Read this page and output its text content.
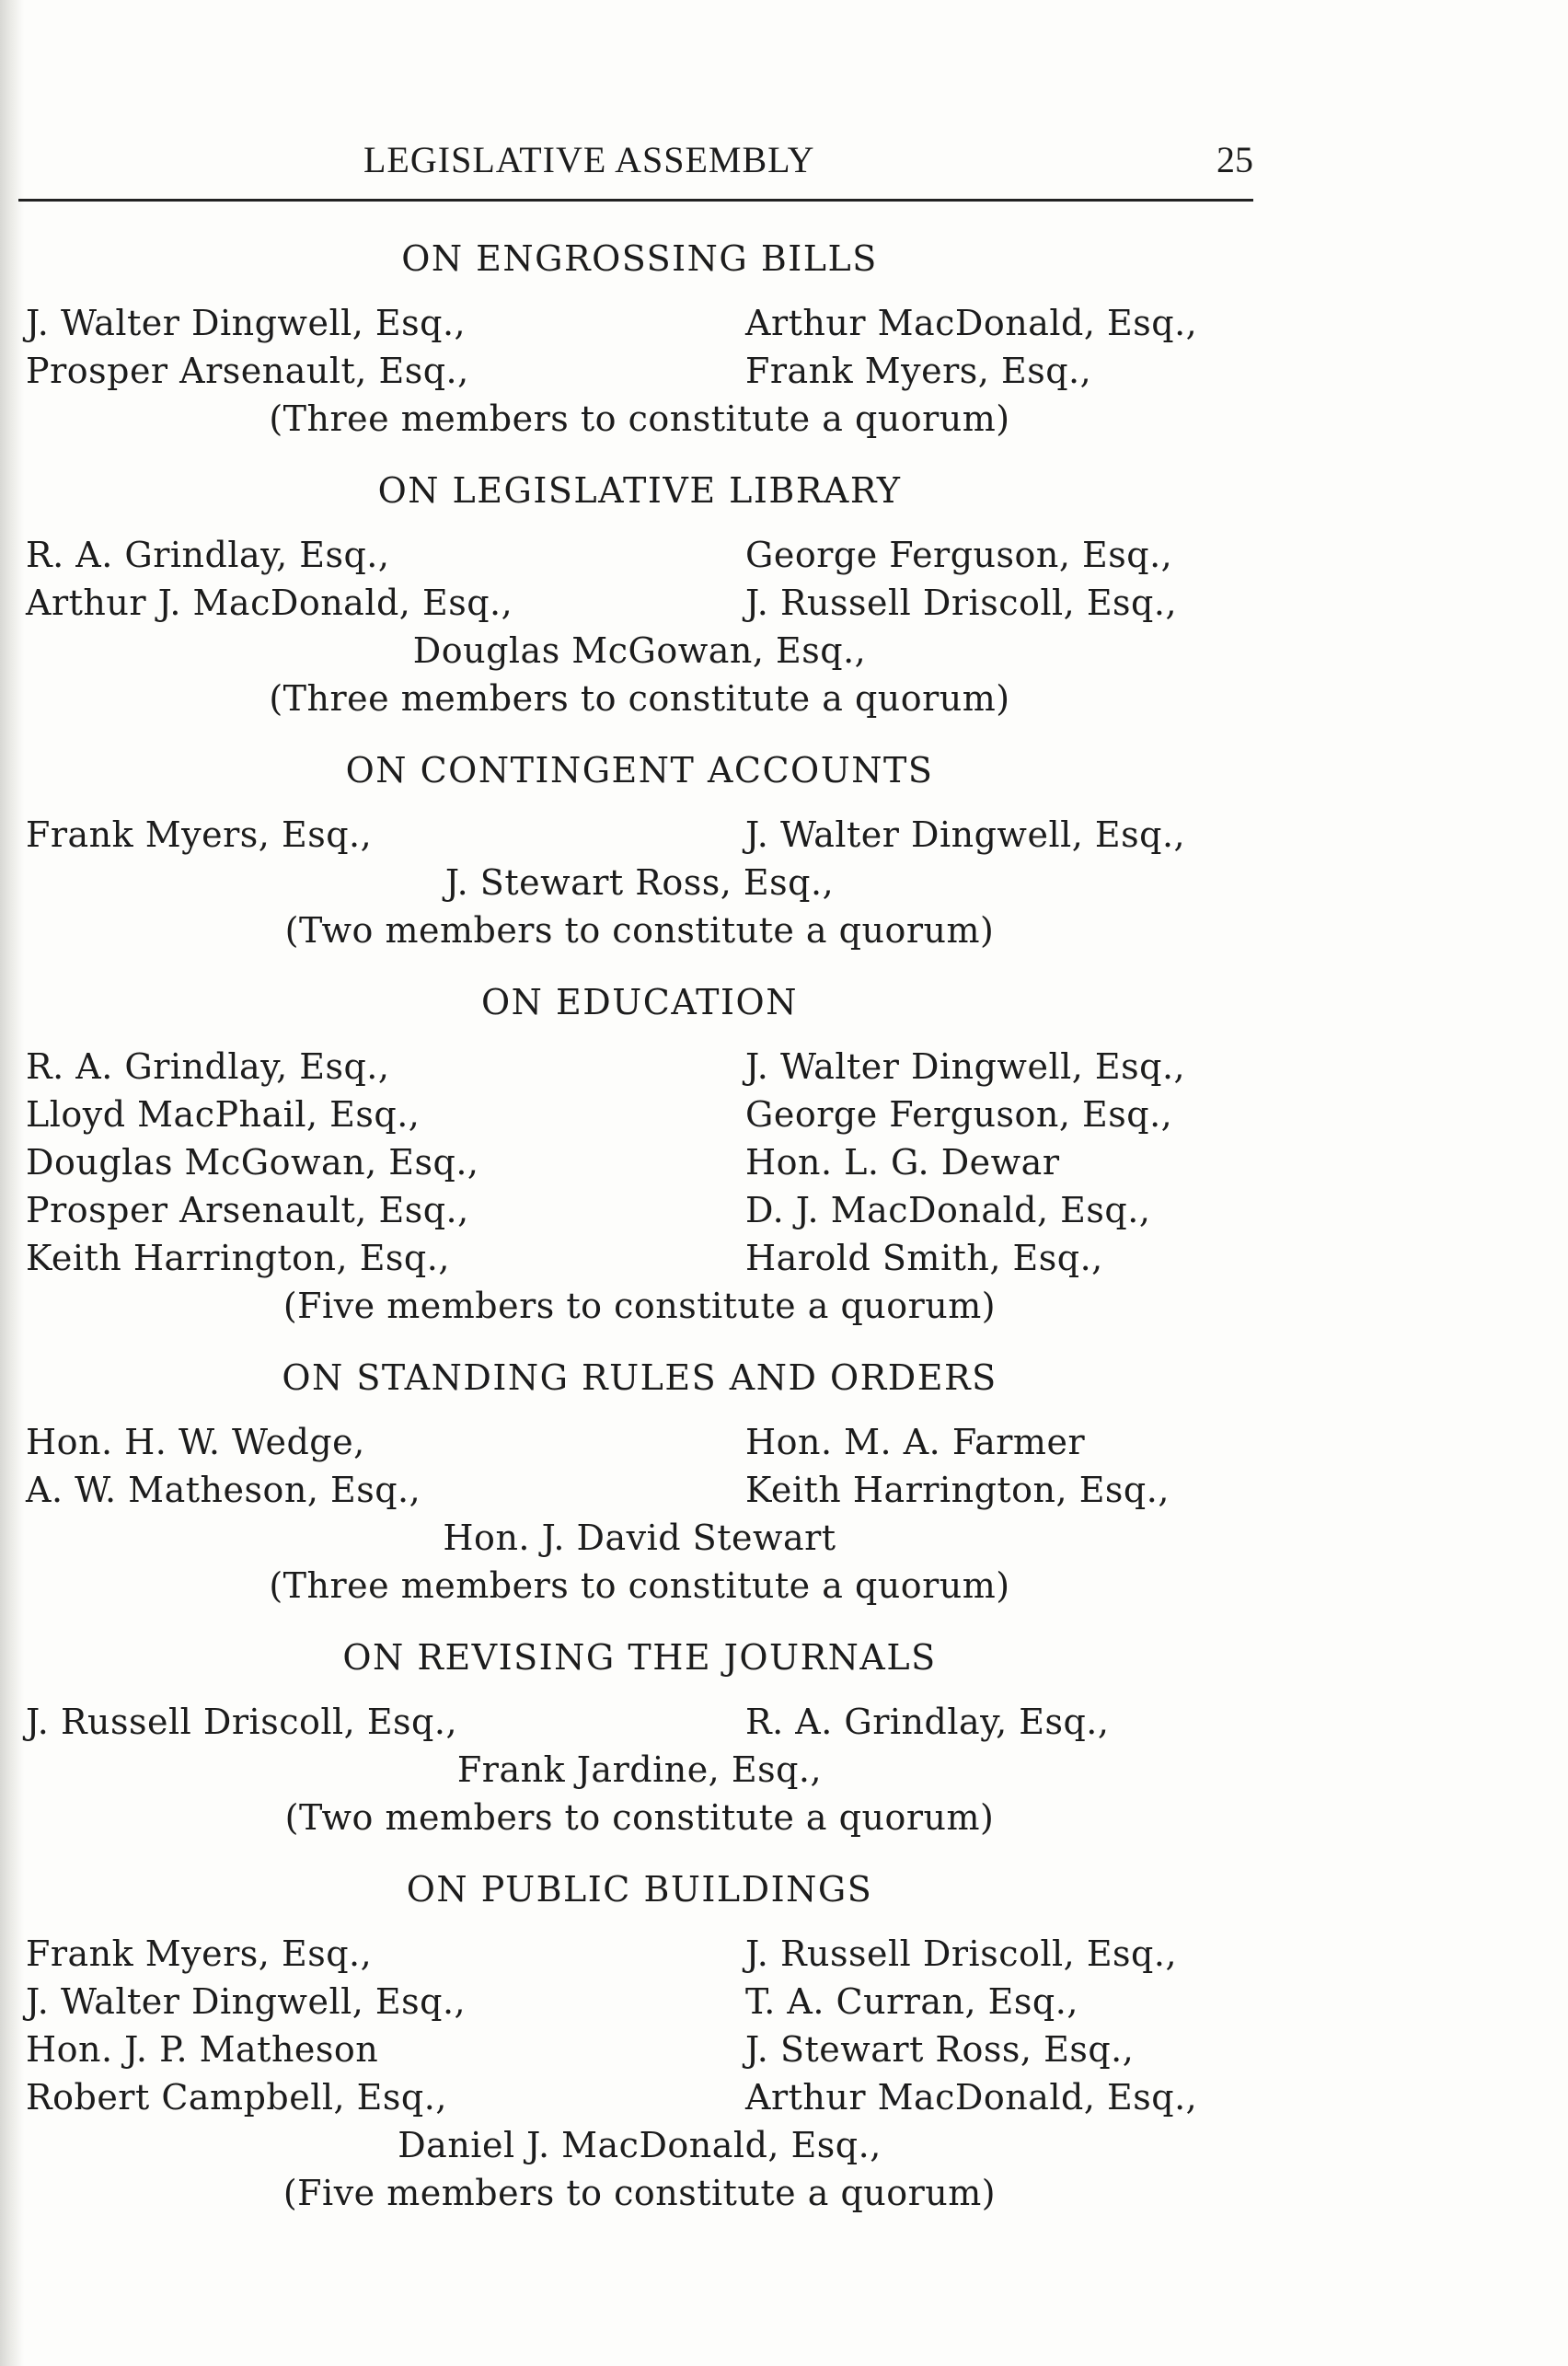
LEGISLATIVE ASSEMBLY	25
ON ENGROSSING BILLS
J. Walter Dingwell, Esq.,	Arthur MacDonald, Esq.,
Prosper Arsenault, Esq.,	Frank Myers, Esq.,
(Three members to constitute a quorum)
ON LEGISLATIVE LIBRARY
R. A. Grindlay, Esq.,	George Ferguson, Esq.,
Arthur J. MacDonald, Esq.,	J. Russell Driscoll, Esq.,
Douglas McGowan, Esq.,
(Three members to constitute a quorum)
ON CONTINGENT ACCOUNTS
Frank Myers, Esq.,	J. Walter Dingwell, Esq.,
J. Stewart Ross, Esq.,
(Two members to constitute a quorum)
ON EDUCATION
R. A. Grindlay, Esq.,	J. Walter Dingwell, Esq.,
Lloyd MacPhail, Esq.,	George Ferguson, Esq.,
Douglas McGowan, Esq.,	Hon. L. G. Dewar
Prosper Arsenault, Esq.,	D. J. MacDonald, Esq.,
Keith Harrington, Esq.,	Harold Smith, Esq.,
(Five members to constitute a quorum)
ON STANDING RULES AND ORDERS
Hon. H. W. Wedge,	Hon. M. A. Farmer
A. W. Matheson, Esq.,	Keith Harrington, Esq.,
Hon. J. David Stewart
(Three members to constitute a quorum)
ON REVISING THE JOURNALS
J. Russell Driscoll, Esq.,	R. A. Grindlay, Esq.,
Frank Jardine, Esq.,
(Two members to constitute a quorum)
ON PUBLIC BUILDINGS
Frank Myers, Esq.,	J. Russell Driscoll, Esq.,
J. Walter Dingwell, Esq.,	T. A. Curran, Esq.,
Hon. J. P. Matheson	J. Stewart Ross, Esq.,
Robert Campbell, Esq.,	Arthur MacDonald, Esq.,
Daniel J. MacDonald, Esq.,
(Five members to constitute a quorum)
